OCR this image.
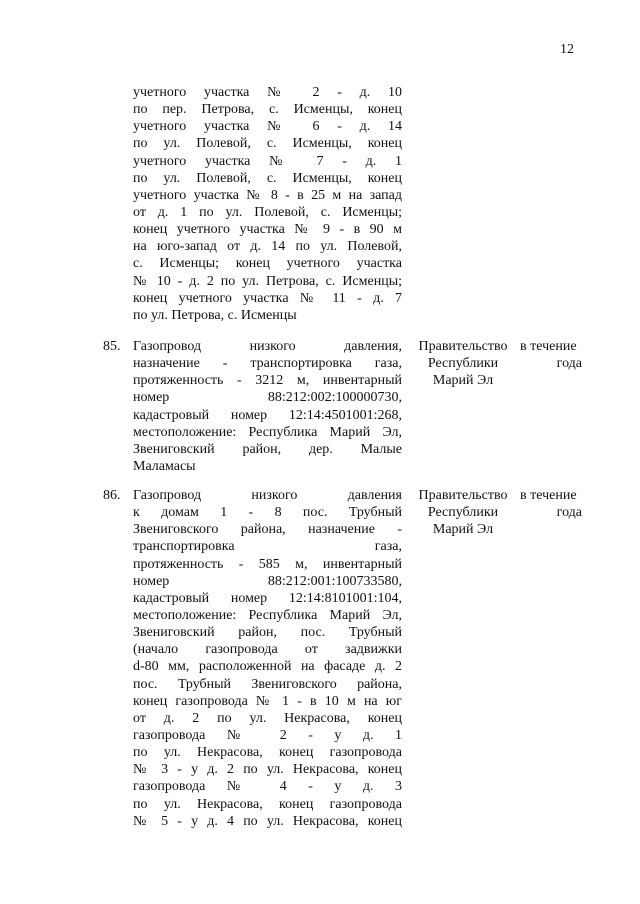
12
учетного участка № 2 - д. 10
по пер. Петрова, с. Исменцы, конец
учетного участка № 6 - д. 14
по ул. Полевой, с. Исменцы, конец
учетного участка № 7 - д. 1
по ул. Полевой, с. Исменцы, конец
учетного участка № 8 - в 25 м на запад
от д. 1 по ул. Полевой, с. Исменцы;
конец учетного участка № 9 - в 90 м
на юго-запад от д. 14 по ул. Полевой,
с. Исменцы; конец учетного участка
№ 10 - д. 2 по ул. Петрова, с. Исменцы;
конец учетного участка № 11 - д. 7
по ул. Петрова, с. Исменцы
85. Газопровод низкого давления,
назначение - транспортировка газа,
протяженность - 3212 м, инвентарный
номер 88:212:002:100000730,
кадастровый номер 12:14:4501001:268,
местоположение: Республика Марий Эл,
Звениговский район, дер. Малые
Маламасы
Правительство
Республики
Марий Эл
в течение
года
86. Газопровод низкого давления
к домам 1 - 8 пос. Трубный
Звениговского района, назначение -
транспортировка газа,
протяженность - 585 м, инвентарный
номер 88:212:001:100733580,
кадастровый номер 12:14:8101001:104,
местоположение: Республика Марий Эл,
Звениговский район, пос. Трубный
(начало газопровода от задвижки
d-80 мм, расположенной на фасаде д. 2
пос. Трубный Звениговского района,
конец газопровода № 1 - в 10 м на юг
от д. 2 по ул. Некрасова, конец
газопровода № 2 - у д. 1
по ул. Некрасова, конец газопровода
№ 3 - у д. 2 по ул. Некрасова, конец
газопровода № 4 - у д. 3
по ул. Некрасова, конец газопровода
№ 5 - у д. 4 по ул. Некрасова, конец
Правительство
Республики
Марий Эл
в течение
года
